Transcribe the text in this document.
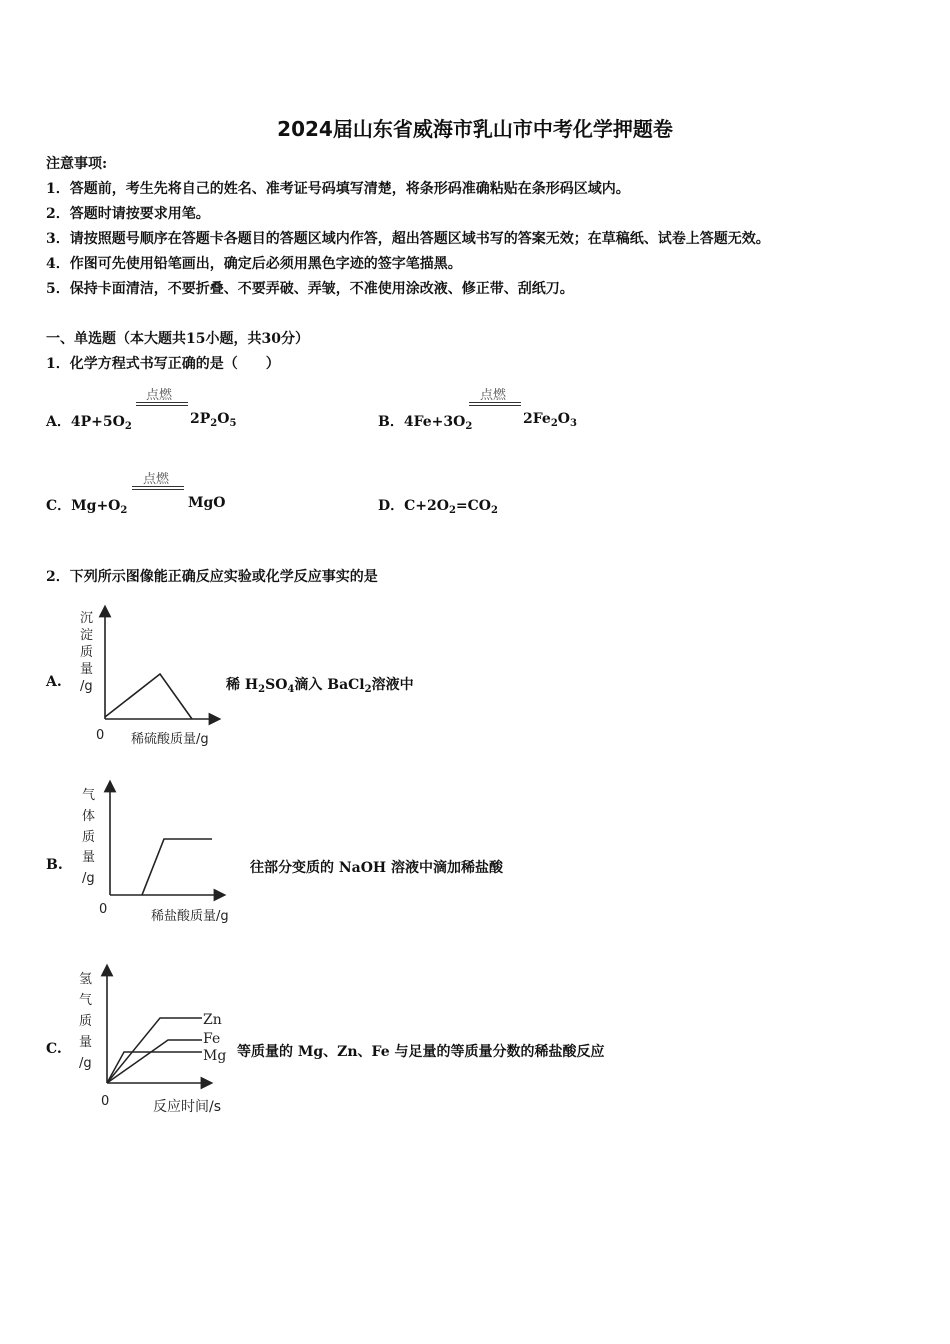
2024届山东省威海市乳山市中考化学押题卷
注意事项:
1．答题前，考生先将自己的姓名、准考证号码填写清楚，将条形码准确粘贴在条形码区域内。
2．答题时请按要求用笔。
3．请按照题号顺序在答题卡各题目的答题区域内作答，超出答题区域书写的答案无效；在草稿纸、试卷上答题无效。
4．作图可先使用铅笔画出，确定后必须用黑色字迹的签字笔描黑。
5．保持卡面清洁，不要折叠、不要弄破、弄皱，不准使用涂改液、修正带、刮纸刀。
一、单选题（本大题共15小题，共30分）
1．化学方程式书写正确的是（　　）
A．$4P+5O_2$
点燃
$2P_2O_5$	B．$4Fe+3O_2$
点燃
$2Fe_2O_3$
C．$Mg+O_2$
点燃
MgO	D．$C+2O_2=CO_2$
2．下列所示图像能正确反应实验或化学反应事实的是
A.
沉
淀
质
量
/g
0 稀硫酸质量/g
稀 $H_2SO_4$滴入 BaCl$_2$溶液中
B.
气
体
质
量
/g
0	稀盐酸质量/g
往部分变质的 NaOH 溶液中滴加稀盐酸
C.
Zn
Fe
Mg
氢
气
质
量
/g
0	反应时间/s
等质量的 Mg、Zn、Fe 与足量的等质量分数的稀盐酸反应
